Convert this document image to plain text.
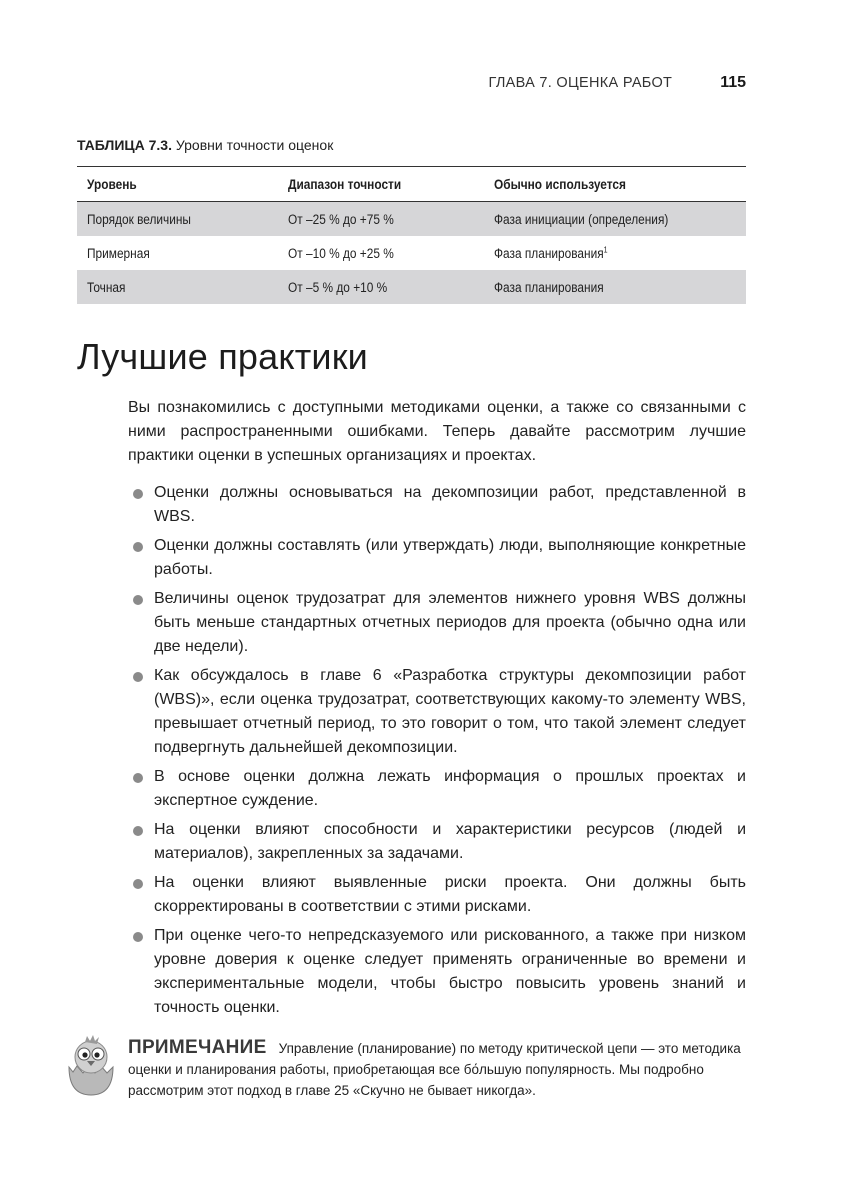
ГЛАВА 7. ОЦЕНКА РАБОТ	115
ТАБЛИЦА 7.3. Уровни точности оценок
Уровень	Диапазон точности	Обычно используется
Порядок величины	От –25 % до +75 %	Фаза инициации (определения)
Примерная	От –10 % до +25 %	Фаза планирования$^1$
Точная	От –5 % до +10 %	Фаза планирования
Лучшие практики

Вы познакомились с доступными методиками оценки, а также со связанными с ними распространенными ошибками. Теперь давайте рассмотрим лучшие практики оценки в успешных организациях и проектах.

Оценки должны основываться на декомпозиции работ, представленной в WBS.
Оценки должны составлять (или утверждать) люди, выполняющие конкретные работы.
Величины оценок трудозатрат для элементов нижнего уровня WBS должны быть меньше стандартных отчетных периодов для проекта (обычно одна или две недели).
Как обсуждалось в главе 6 «Разработка структуры декомпозиции работ (WBS)», если оценка трудозатрат, соответствующих какому-то элементу WBS, превышает отчетный период, то это говорит о том, что такой элемент следует подвергнуть дальнейшей декомпозиции.
В основе оценки должна лежать информация о прошлых проектах и экспертное суждение.
На оценки влияют способности и характеристики ресурсов (людей и материалов), закрепленных за задачами.
На оценки влияют выявленные риски проекта. Они должны быть скорректированы в соответствии с этими рисками.
При оценке чего-то непредсказуемого или рискованного, а также при низком уровне доверия к оценке следует применять ограниченные во времени и экспериментальные модели, чтобы быстро повысить уровень знаний и точность оценки.

ПРИМЕЧАНИЕ Управление (планирование) по методу критической цепи — это методика оценки и планирования работы, приобретающая все бо́льшую популярность. Мы подробно рассмотрим этот подход в главе 25 «Скучно не бывает никогда».
